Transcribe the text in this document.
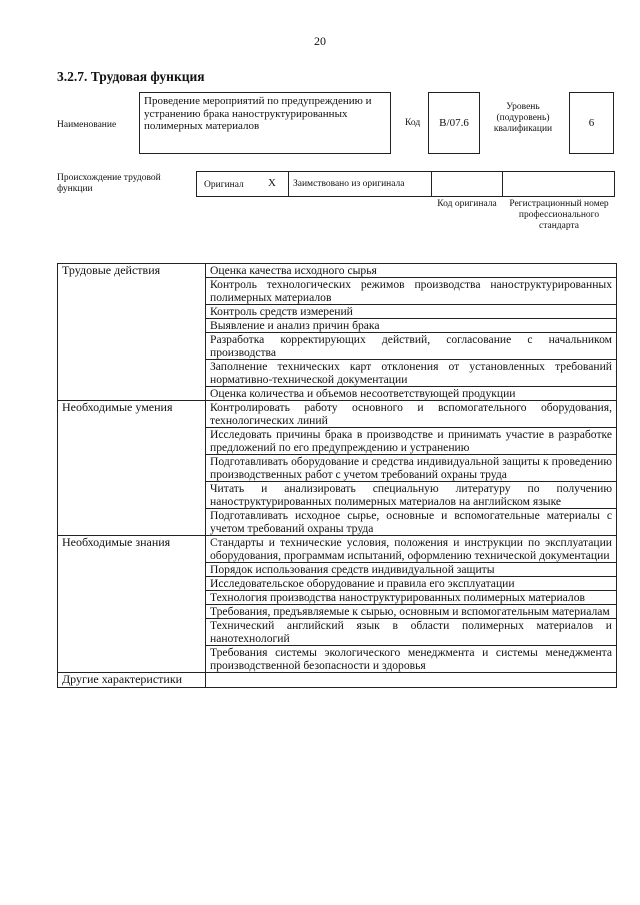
20
3.2.7. Трудовая функция
Наименование
Проведение мероприятий по предупреждению и устранению брака наноструктурированных полимерных материалов	Код	В/07.6
Уровень (подуровень) квалификации	6
Происхождение трудовой функции	Оригинал X Заимствовано из оригинала
Код оригинала	Регистрационный номер профессионального стандарта
Трудовые действия	Оценка качества исходного сырья
	Контроль технологических режимов производства наноструктурированных полимерных материалов
	Контроль средств измерений
	Выявление и анализ причин брака
	Разработка корректирующих действий, согласование с начальником производства
	Заполнение технических карт отклонения от установленных требований нормативно-технической документации
	Оценка количества и объемов несоответствующей продукции
Необходимые умения	Контролировать работу основного и вспомогательного оборудования, технологических линий
	Исследовать причины брака в производстве и принимать участие в разработке предложений по его предупреждению и устранению
	Подготавливать оборудование и средства индивидуальной защиты к проведению производственных работ с учетом требований охраны труда
	Читать и анализировать специальную литературу по получению наноструктурированных полимерных материалов на английском языке
	Подготавливать исходное сырье, основные и вспомогательные материалы с учетом требований охраны труда
Необходимые знания	Стандарты и технические условия, положения и инструкции по эксплуатации оборудования, программам испытаний, оформлению технической документации
	Порядок использования средств индивидуальной защиты
	Исследовательское оборудование и правила его эксплуатации
	Технология производства наноструктурированных полимерных материалов
	Требования, предъявляемые к сырью, основным и вспомогательным материалам
	Технический английский язык в области полимерных материалов и нанотехнологий
	Требования системы экологического менеджмента и системы менеджмента производственной безопасности и здоровья
Другие характеристики	
